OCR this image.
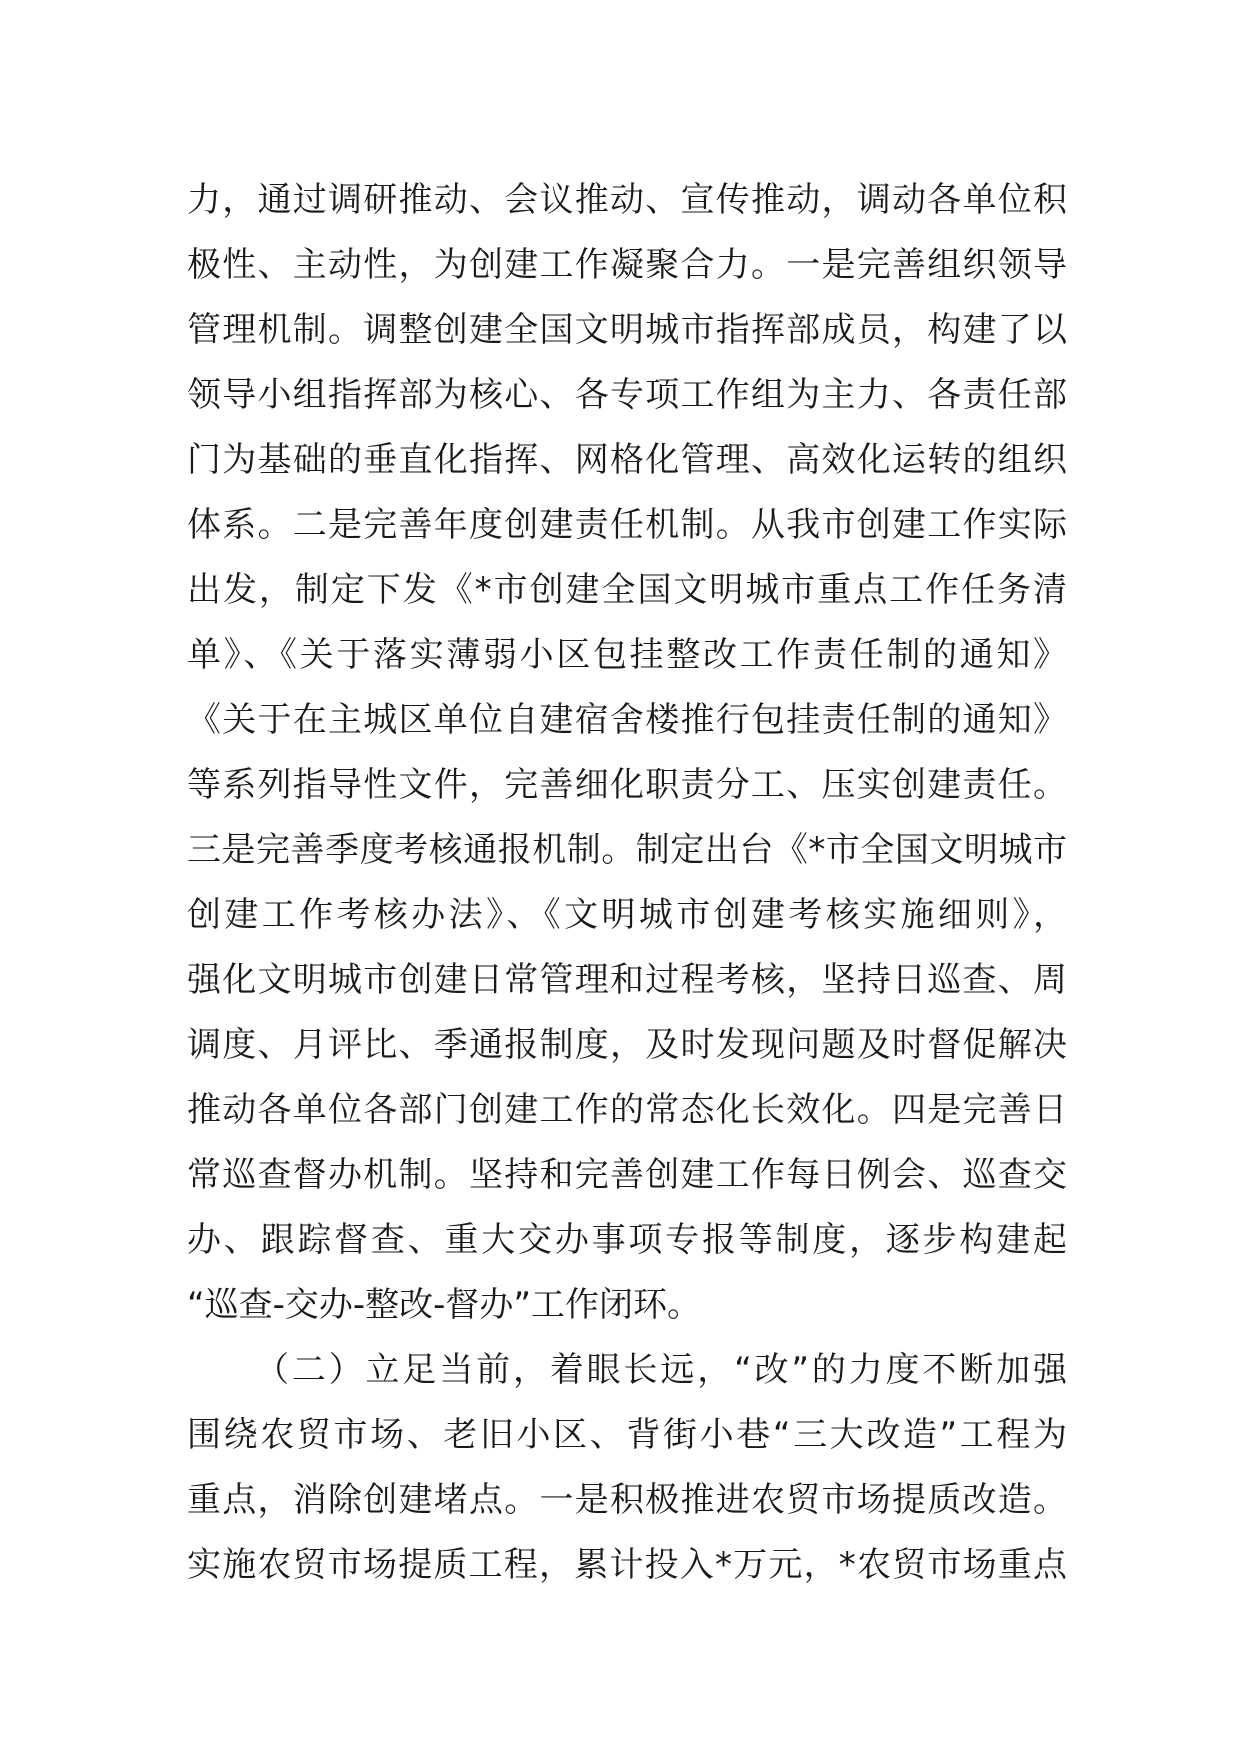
力，通过调研推动、会议推动、宣传推动，调动各单位积
极性、主动性，为创建工作凝聚合力。一是完善组织领导
管理机制。调整创建全国文明城市指挥部成员，构建了以
领导小组指挥部为核心、各专项工作组为主力、各责任部
门为基础的垂直化指挥、网格化管理、高效化运转的组织
体系。二是完善年度创建责任机制。从我市创建工作实际
出发，制定下发《*市创建全国文明城市重点工作任务清
单》、《关于落实薄弱小区包挂整改工作责任制的通知》
《关于在主城区单位自建宿舍楼推行包挂责任制的通知》
等系列指导性文件，完善细化职责分工、压实创建责任。
三是完善季度考核通报机制。制定出台《*市全国文明城市
创建工作考核办法》、《文明城市创建考核实施细则》，
强化文明城市创建日常管理和过程考核，坚持日巡查、周
调度、月评比、季通报制度，及时发现问题及时督促解决
推动各单位各部门创建工作的常态化长效化。四是完善日
常巡查督办机制。坚持和完善创建工作每日例会、巡查交
办、跟踪督查、重大交办事项专报等制度，逐步构建起
“巡查-交办-整改-督办”工作闭环。
（二）立足当前，着眼长远，“改”的力度不断加强
围绕农贸市场、老旧小区、背街小巷“三大改造”工程为
重点，消除创建堵点。一是积极推进农贸市场提质改造。
实施农贸市场提质工程，累计投入*万元，*农贸市场重点
